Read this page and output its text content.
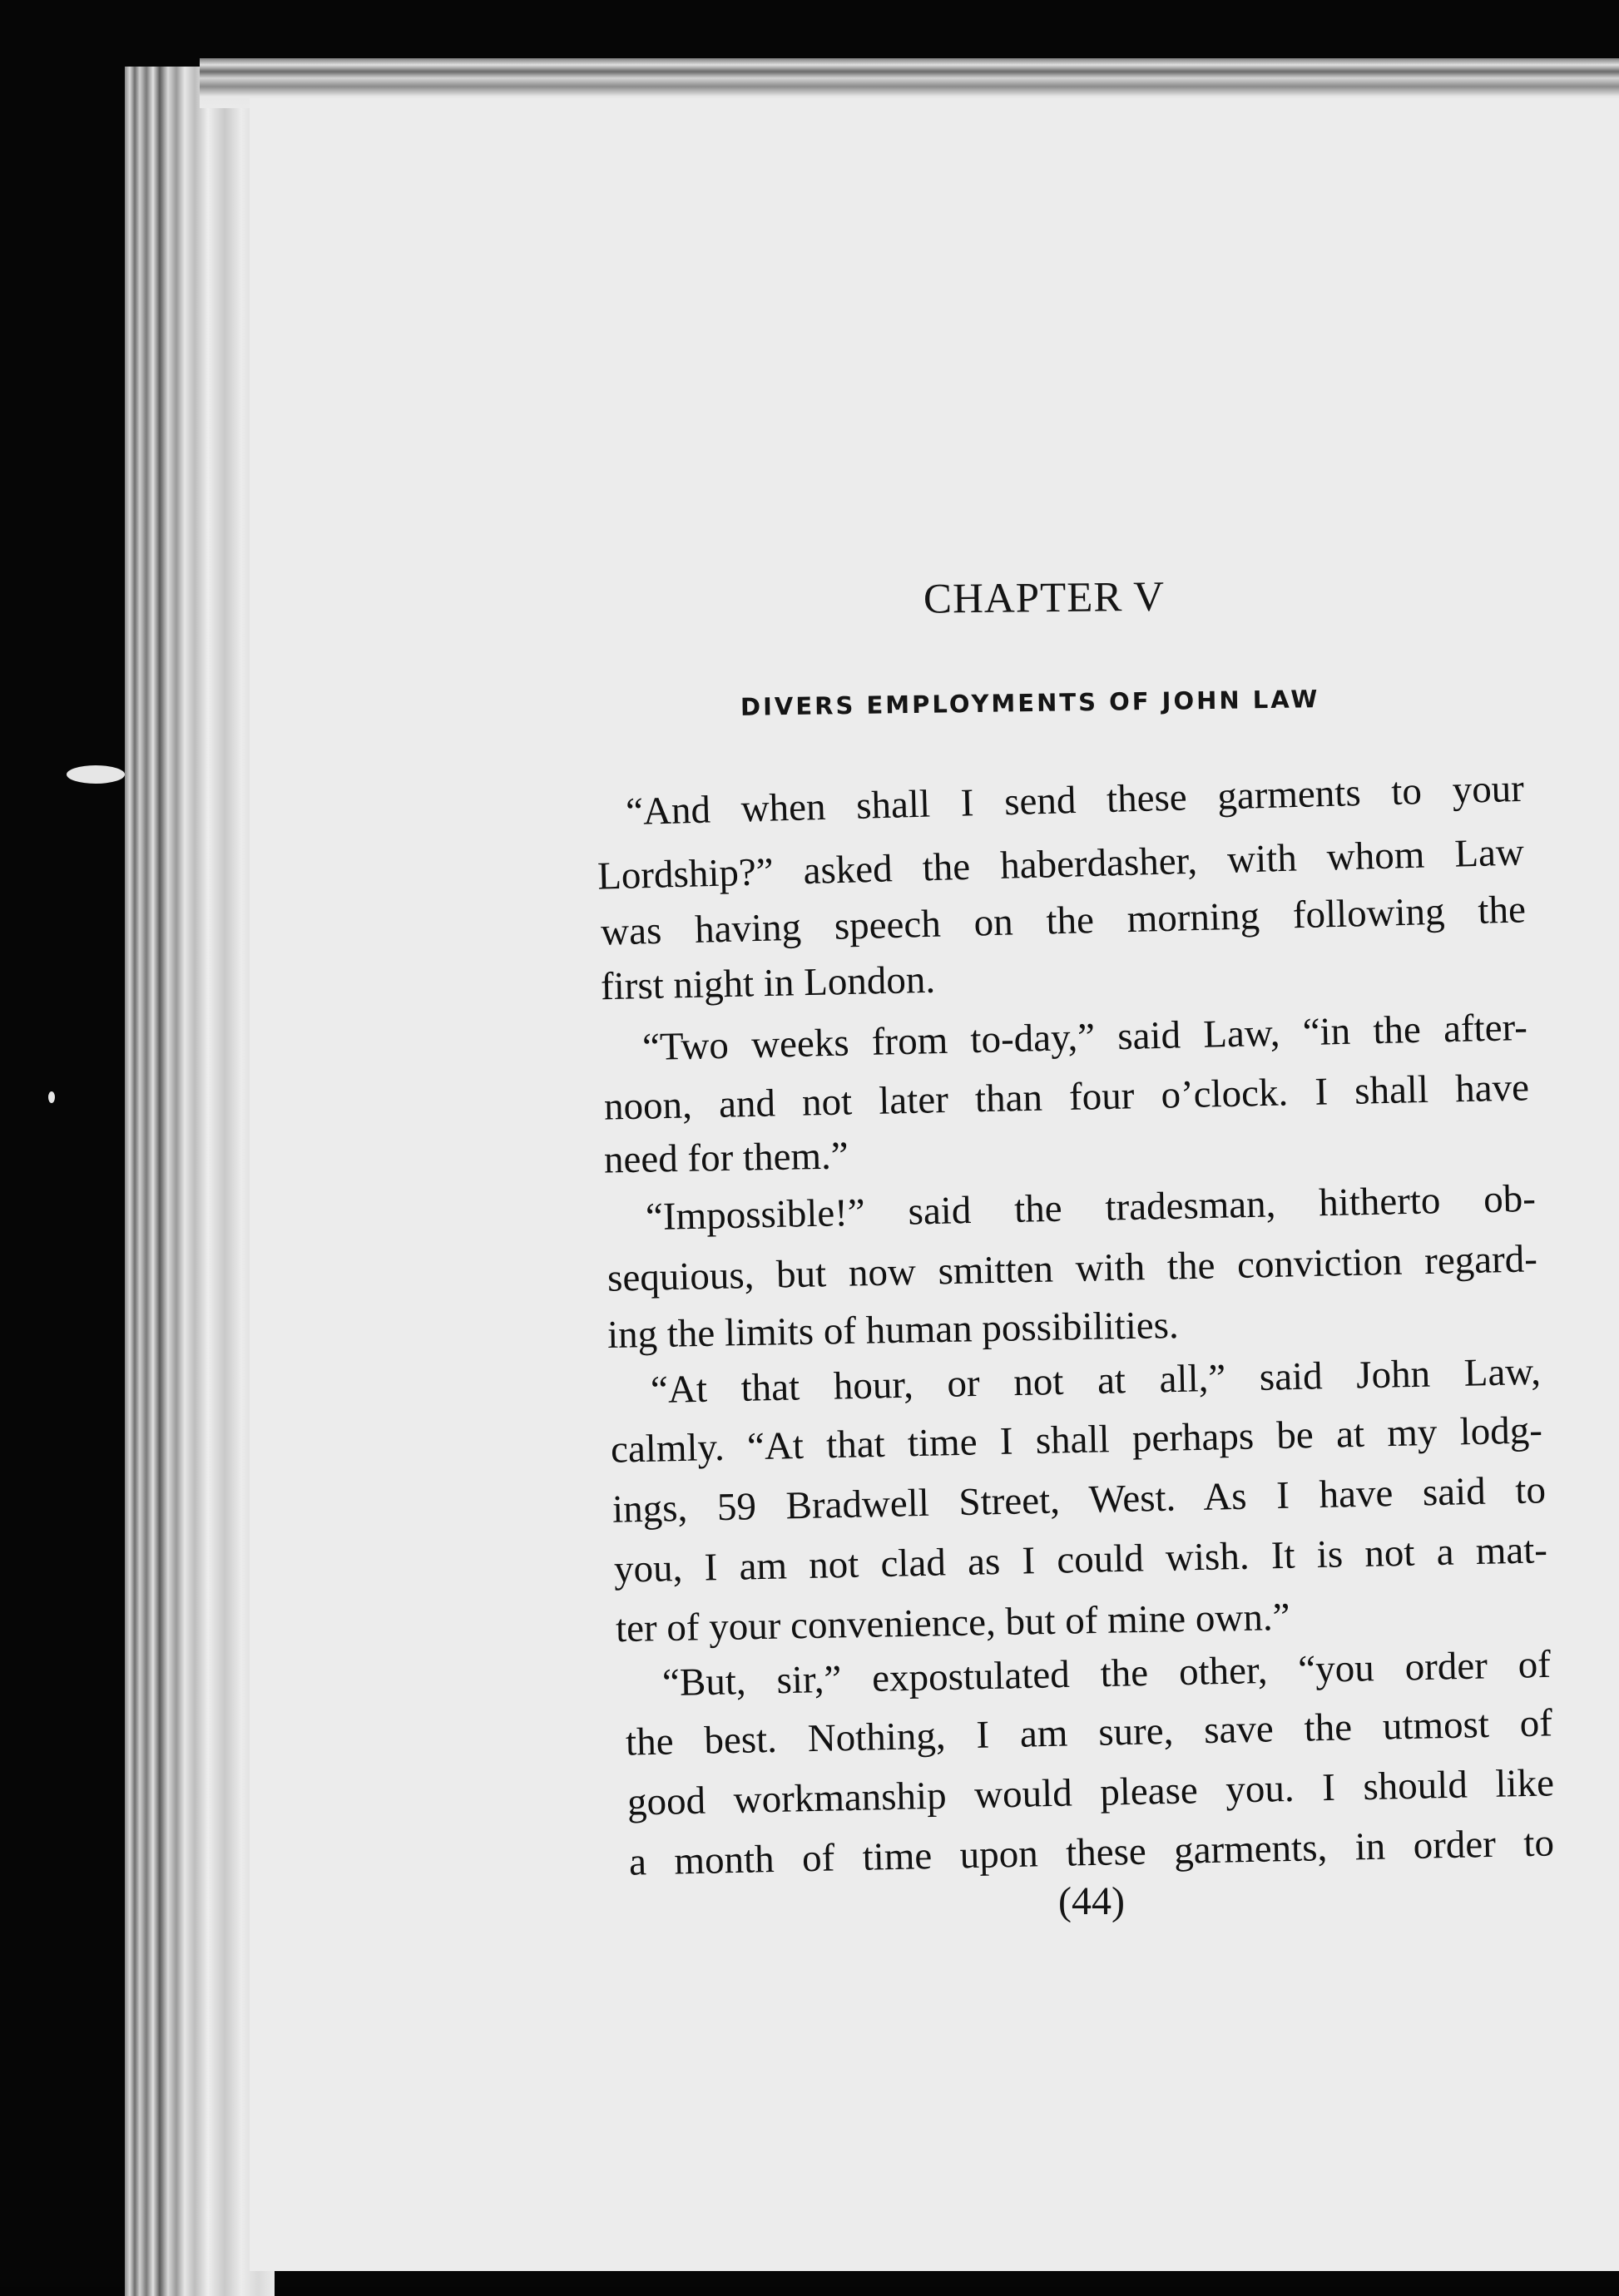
CHAPTER V
DIVERS EMPLOYMENTS OF JOHN LAW
“And when shall I send these garments to your
Lordship?” asked the haberdasher, with whom Law
was having speech on the morning following the
first night in London.
“Two weeks from to-day,” said Law, “in the after-
noon, and not later than four o’clock. I shall have
need for them.”
“Impossible!” said the tradesman, hitherto ob-
sequious, but now smitten with the conviction regard-
ing the limits of human possibilities.
“At that hour, or not at all,” said John Law,
calmly. “At that time I shall perhaps be at my lodg-
ings, 59 Bradwell Street, West. As I have said to
you, I am not clad as I could wish. It is not a mat-
ter of your convenience, but of mine own.”
“But, sir,” expostulated the other, “you order of
the best. Nothing, I am sure, save the utmost of
good workmanship would please you. I should like
a month of time upon these garments, in order to
(44)
